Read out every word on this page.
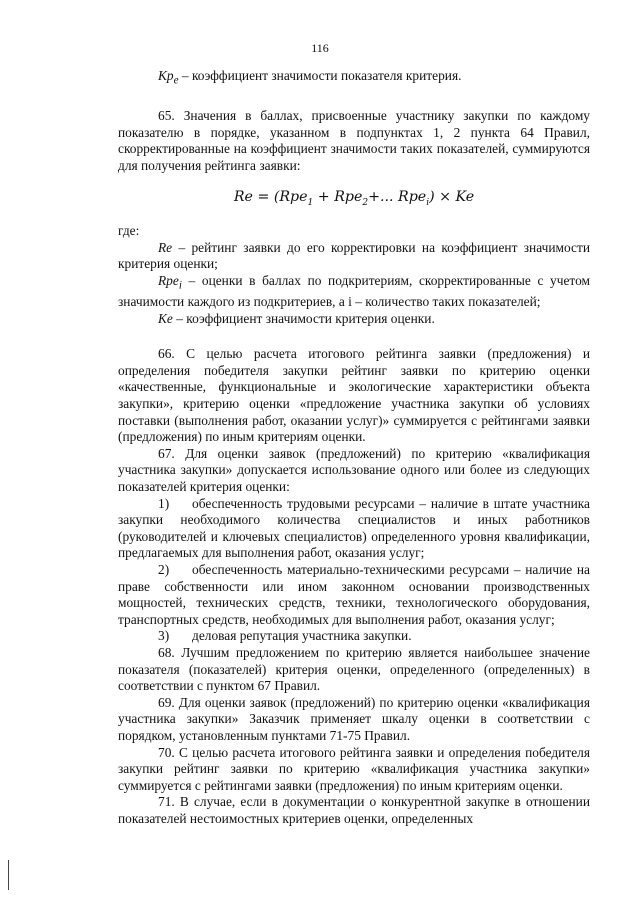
116

$Кр_е$ – коэффициент значимости показателя критерия.

65. Значения в баллах, присвоенные участнику закупки по каждому показателю в порядке, указанном в подпунктах 1, 2 пункта 64 Правил, скорректированные на коэффициент значимости таких показателей, суммируются для получения рейтинга заявки:

Re = (Rpe$_1$ + Rpe$_2$+... Rpe$_i$) × Ke

где:

Re – рейтинг заявки до его корректировки на коэффициент значимости критерия оценки;

Rpe$_i$ – оценки в баллах по подкритериям, скорректированные с учетом значимости каждого из подкритериев, а i – количество таких показателей;

Ke – коэффициент значимости критерия оценки.

66. С целью расчета итогового рейтинга заявки (предложения) и определения победителя закупки рейтинг заявки по критерию оценки «качественные, функциональные и экологические характеристики объекта закупки», критерию оценки «предложение участника закупки об условиях поставки (выполнения работ, оказании услуг)» суммируется с рейтингами заявки (предложения) по иным критериям оценки.

67. Для оценки заявок (предложений) по критерию «квалификация участника закупки» допускается использование одного или более из следующих показателей критерия оценки:

1) обеспеченность трудовыми ресурсами – наличие в штате участника закупки необходимого количества специалистов и иных работников (руководителей и ключевых специалистов) определенного уровня квалификации, предлагаемых для выполнения работ, оказания услуг;

2) обеспеченность материально-техническими ресурсами – наличие на праве собственности или ином законном основании производственных мощностей, технических средств, техники, технологического оборудования, транспортных средств, необходимых для выполнения работ, оказания услуг;

3) деловая репутация участника закупки.

68. Лучшим предложением по критерию является наибольшее значение показателя (показателей) критерия оценки, определенного (определенных) в соответствии с пунктом 67 Правил.

69. Для оценки заявок (предложений) по критерию оценки «квалификация участника закупки» Заказчик применяет шкалу оценки в соответствии с порядком, установленным пунктами 71-75 Правил.

70. С целью расчета итогового рейтинга заявки и определения победителя закупки рейтинг заявки по критерию «квалификация участника закупки» суммируется с рейтингами заявки (предложения) по иным критериям оценки.

71. В случае, если в документации о конкурентной закупке в отношении показателей нестоимостных критериев оценки, определенных
